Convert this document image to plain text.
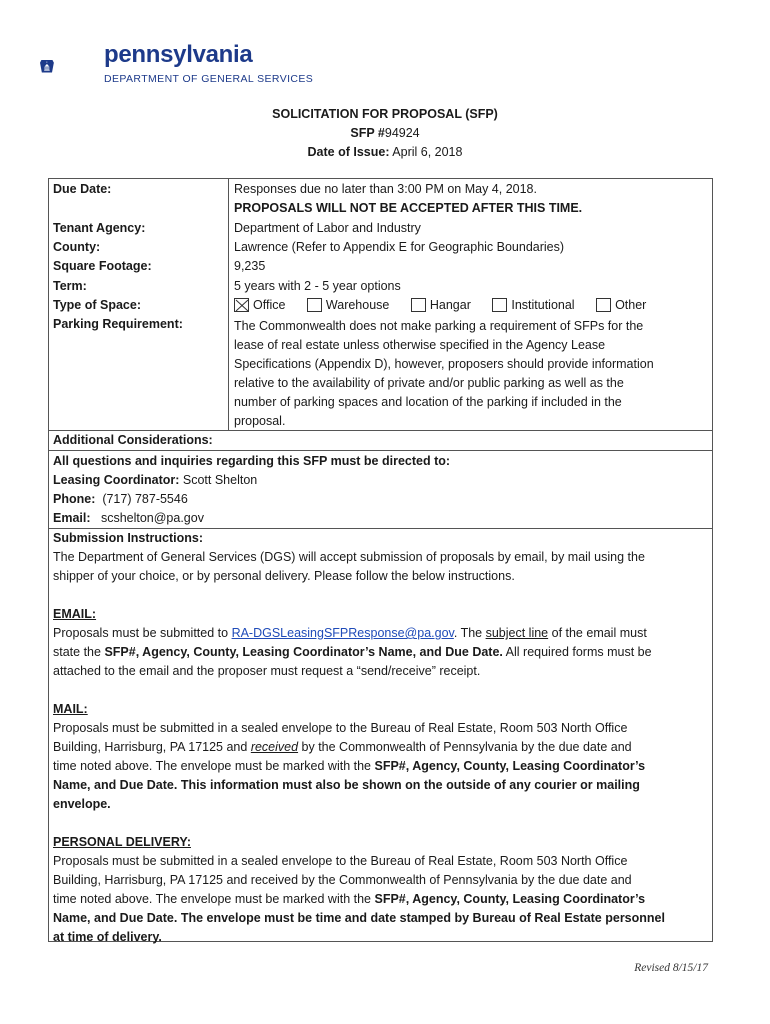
pennsylvania
DEPARTMENT OF GENERAL SERVICES
SOLICITATION FOR PROPOSAL (SFP)
SFP #94924
Date of Issue: April 6, 2018
Due Date:	Responses due no later than 3:00 PM on May 4, 2018.
PROPOSALS WILL NOT BE ACCEPTED AFTER THIS TIME.
Tenant Agency:	Department of Labor and Industry
County:	Lawrence (Refer to Appendix E for Geographic Boundaries)
Square Footage:	9,235
Term:	5 years with 2 - 5 year options
Type of Space:	Office	Warehouse	Hangar	Institutional	Other
Parking Requirement:	The Commonwealth does not make parking a requirement of SFPs for the
lease of real estate unless otherwise specified in the Agency Lease
Specifications (Appendix D), however, proposers should provide information
relative to the availability of private and/or public parking as well as the
number of parking spaces and location of the parking if included in the
proposal.
Additional Considerations:
All questions and inquiries regarding this SFP must be directed to:
Leasing Coordinator: Scott Shelton
Phone: (717) 787-5546
Email: scshelton@pa.gov
Submission Instructions:
The Department of General Services (DGS) will accept submission of proposals by email, by mail using the
shipper of your choice, or by personal delivery. Please follow the below instructions.
EMAIL:
Proposals must be submitted to RA-DGSLeasingSFPResponse@pa.gov. The subject line of the email must
state the SFP#, Agency, County, Leasing Coordinator’s Name, and Due Date. All required forms must be
attached to the email and the proposer must request a “send/receive” receipt.
MAIL:
Proposals must be submitted in a sealed envelope to the Bureau of Real Estate, Room 503 North Office
Building, Harrisburg, PA 17125 and received by the Commonwealth of Pennsylvania by the due date and
time noted above. The envelope must be marked with the SFP#, Agency, County, Leasing Coordinator’s
Name, and Due Date. This information must also be shown on the outside of any courier or mailing
envelope.
PERSONAL DELIVERY:
Proposals must be submitted in a sealed envelope to the Bureau of Real Estate, Room 503 North Office
Building, Harrisburg, PA 17125 and received by the Commonwealth of Pennsylvania by the due date and
time noted above. The envelope must be marked with the SFP#, Agency, County, Leasing Coordinator’s
Name, and Due Date. The envelope must be time and date stamped by Bureau of Real Estate personnel
at time of delivery.
Revised 8/15/17
